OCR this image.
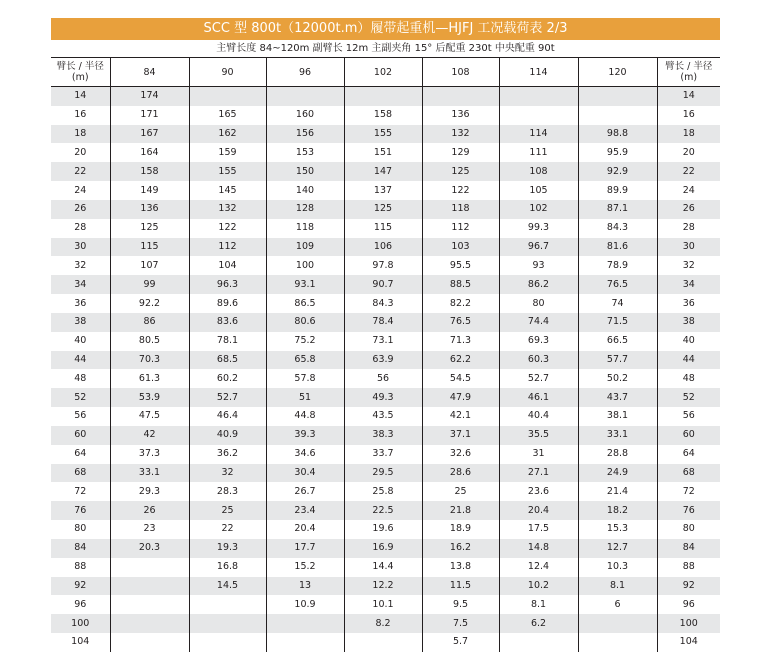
SCC 型 800t（12000t.m）履带起重机—HJFJ 工况载荷表 2/3
主臂长度 84~120m 副臂长 12m 主副夹角 15° 后配重 230t 中央配重 90t
臂长 / 半径
(m)	84	90	96	102	108	114	120	臂长 / 半径
(m)
14	174							14
16	171	165	160	158	136			16
18	167	162	156	155	132	114	98.8	18
20	164	159	153	151	129	111	95.9	20
22	158	155	150	147	125	108	92.9	22
24	149	145	140	137	122	105	89.9	24
26	136	132	128	125	118	102	87.1	26
28	125	122	118	115	112	99.3	84.3	28
30	115	112	109	106	103	96.7	81.6	30
32	107	104	100	97.8	95.5	93	78.9	32
34	99	96.3	93.1	90.7	88.5	86.2	76.5	34
36	92.2	89.6	86.5	84.3	82.2	80	74	36
38	86	83.6	80.6	78.4	76.5	74.4	71.5	38
40	80.5	78.1	75.2	73.1	71.3	69.3	66.5	40
44	70.3	68.5	65.8	63.9	62.2	60.3	57.7	44
48	61.3	60.2	57.8	56	54.5	52.7	50.2	48
52	53.9	52.7	51	49.3	47.9	46.1	43.7	52
56	47.5	46.4	44.8	43.5	42.1	40.4	38.1	56
60	42	40.9	39.3	38.3	37.1	35.5	33.1	60
64	37.3	36.2	34.6	33.7	32.6	31	28.8	64
68	33.1	32	30.4	29.5	28.6	27.1	24.9	68
72	29.3	28.3	26.7	25.8	25	23.6	21.4	72
76	26	25	23.4	22.5	21.8	20.4	18.2	76
80	23	22	20.4	19.6	18.9	17.5	15.3	80
84	20.3	19.3	17.7	16.9	16.2	14.8	12.7	84
88		16.8	15.2	14.4	13.8	12.4	10.3	88
92		14.5	13	12.2	11.5	10.2	8.1	92
96			10.9	10.1	9.5	8.1	6	96
100				8.2	7.5	6.2		100
104					5.7			104
